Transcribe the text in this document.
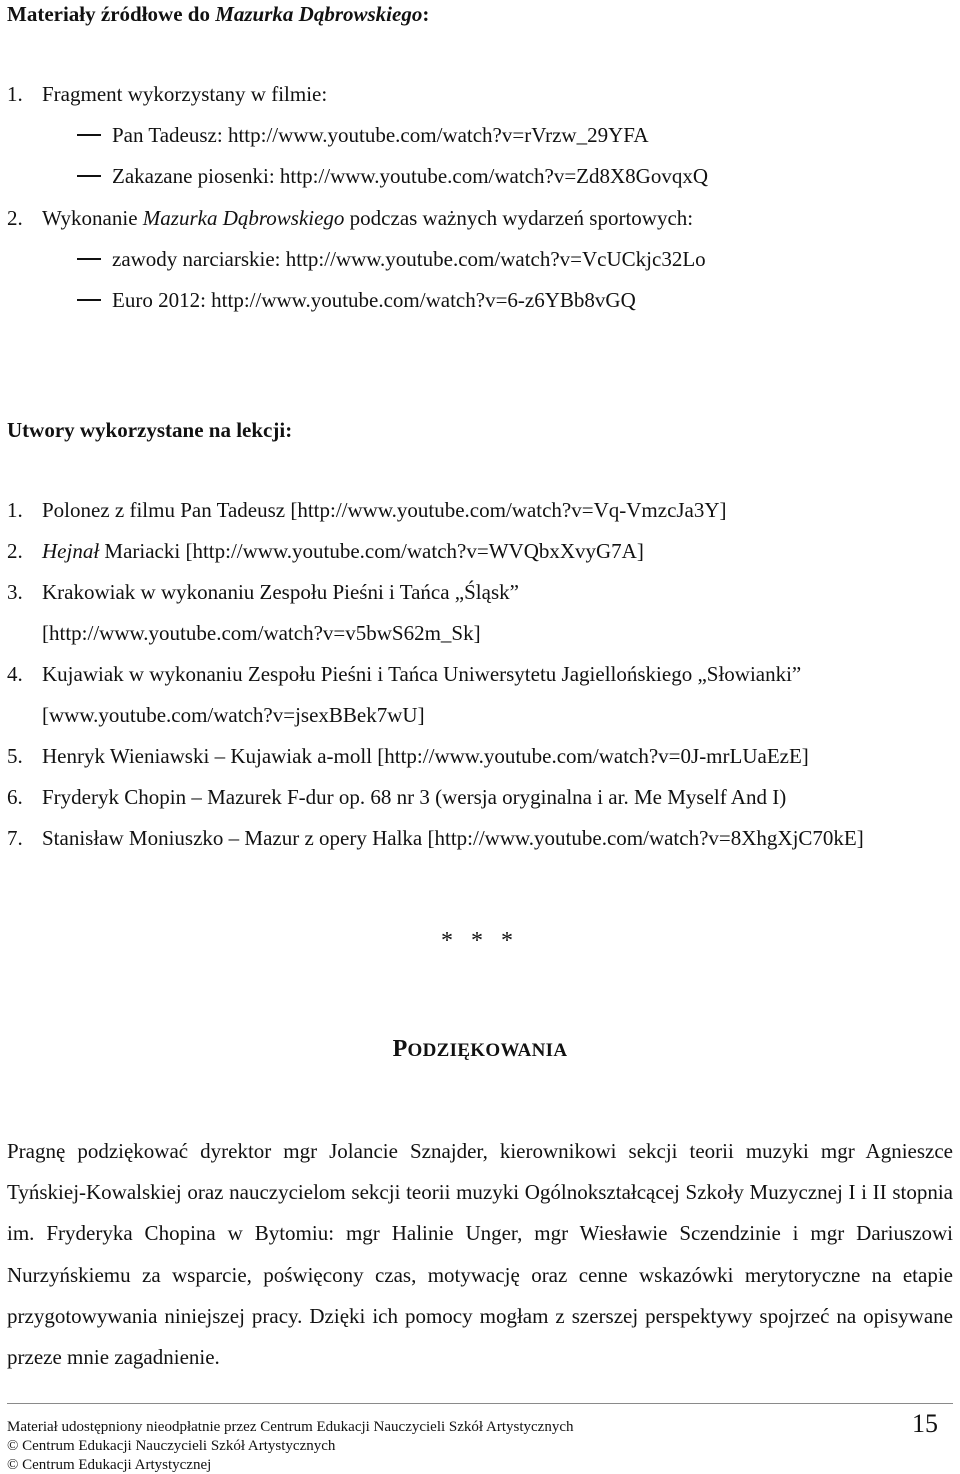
Materiały źródłowe do Mazurka Dąbrowskiego:
1. Fragment wykorzystany w filmie:
Pan Tadeusz: http://www.youtube.com/watch?v=rVrzw_29YFA
Zakazane piosenki: http://www.youtube.com/watch?v=Zd8X8GovqxQ
2. Wykonanie Mazurka Dąbrowskiego podczas ważnych wydarzeń sportowych:
zawody narciarskie: http://www.youtube.com/watch?v=VcUCkjc32Lo
Euro 2012: http://www.youtube.com/watch?v=6-z6YBb8vGQ
Utwory wykorzystane na lekcji:
1. Polonez z filmu Pan Tadeusz [http://www.youtube.com/watch?v=Vq-VmzcJa3Y]
2. Hejnał Mariacki [http://www.youtube.com/watch?v=WVQbxXvyG7A]
3. Krakowiak w wykonaniu Zespołu Pieśni i Tańca „Śląsk”
[http://www.youtube.com/watch?v=v5bwS62m_Sk]
4. Kujawiak w wykonaniu Zespołu Pieśni i Tańca Uniwersytetu Jagiellońskiego „Słowianki”
[www.youtube.com/watch?v=jsexBBek7wU]
5. Henryk Wieniawski – Kujawiak a-moll [http://www.youtube.com/watch?v=0J-mrLUaEzE]
6. Fryderyk Chopin – Mazurek F-dur op. 68 nr 3 (wersja oryginalna i ar. Me Myself And I)
7. Stanisław Moniuszko – Mazur z opery Halka [http://www.youtube.com/watch?v=8XhgXjC70kE]
* * *
PODZIĘKOWANIA
Pragnę podziękować dyrektor mgr Jolancie Sznajder, kierownikowi sekcji teorii muzyki mgr Agnieszce Tyńskiej-Kowalskiej oraz nauczycielom sekcji teorii muzyki Ogólnokształcącej Szkoły Muzycznej I i II stopnia im. Fryderyka Chopina w Bytomiu: mgr Halinie Unger, mgr Wiesławie Sczendzinie i mgr Dariuszowi Nurzyńskiemu za wsparcie, poświęcony czas, motywację oraz cenne wskazówki merytoryczne na etapie przygotowywania niniejszej pracy. Dzięki ich pomocy mogłam z szerszej perspektywy spojrzeć na opisywane przeze mnie zagadnienie.
Materiał udostępniony nieodpłatnie przez Centrum Edukacji Nauczycieli Szkół Artystycznych
© Centrum Edukacji Nauczycieli Szkół Artystycznych
© Centrum Edukacji Artystycznej
15
